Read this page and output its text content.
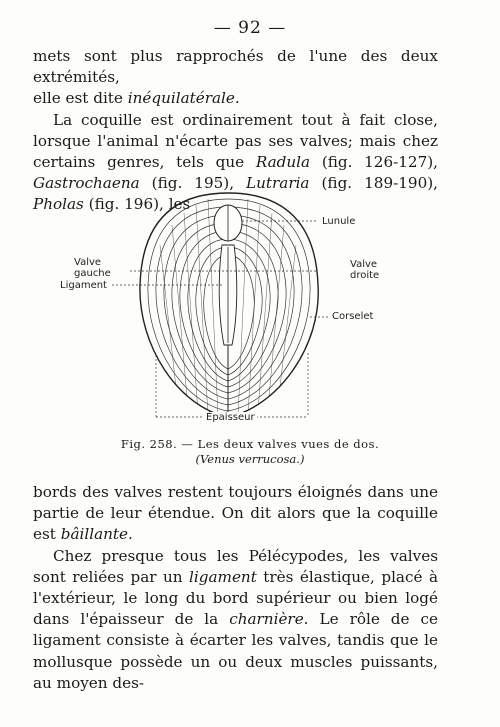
— 92 —

mets sont plus rapprochés de l'une des deux extrémités,
elle est dite inéquilatérale.

La coquille est ordinairement tout à fait close, lorsque l'animal n'écarte pas ses valves; mais chez certains genres, tels que Radula (fig. 126-127), Gastrochaena (fig. 195), Lutraria (fig. 189-190), Pholas (fig. 196), les

Lunule
Valve
gauche
Ligament
Valve
droite
Corselet
Épaisseur
Fig. 258. — Les deux valves vues de dos.
(Venus verrucosa.)

bords des valves restent toujours éloignés dans une partie de leur étendue. On dit alors que la coquille est bâillante.

Chez presque tous les Pélécypodes, les valves sont reliées par un ligament très élastique, placé à l'extérieur, le long du bord supérieur ou bien logé dans l'épaisseur de la charnière. Le rôle de ce ligament consiste à écarter les valves, tandis que le mollusque possède un ou deux muscles puissants, au moyen des-
